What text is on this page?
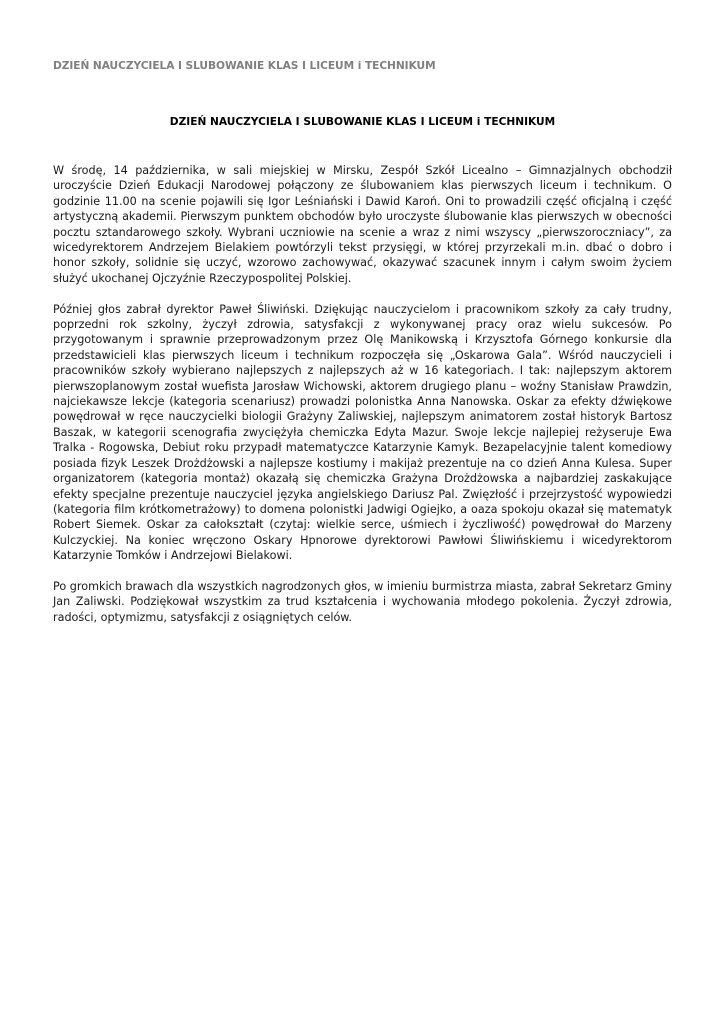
DZIEŃ NAUCZYCIELA I SLUBOWANIE KLAS I LICEUM i TECHNIKUM
DZIEŃ NAUCZYCIELA I SLUBOWANIE KLAS I LICEUM i TECHNIKUM

W środę, 14 października, w sali miejskiej w Mirsku, Zespół Szkół Licealno – Gimnazjalnych obchodził uroczyście Dzień Edukacji Narodowej połączony ze ślubowaniem klas pierwszych liceum i technikum. O godzinie 11.00 na scenie pojawili się Igor Leśniański i Dawid Karoń. Oni to prowadzili część oficjalną i część artystyczną akademii. Pierwszym punktem obchodów było uroczyste ślubowanie klas pierwszych w obecności pocztu sztandarowego szkoły. Wybrani uczniowie na scenie a wraz z nimi wszyscy „pierwszoroczniacy”, za wicedyrektorem Andrzejem Bielakiem powtórzyli tekst przysięgi, w której przyrzekali m.in. dbać o dobro i honor szkoły, solidnie się uczyć, wzorowo zachowywać, okazywać szacunek innym i całym swoim życiem służyć ukochanej Ojczyźnie Rzeczypospolitej Polskiej.

Później głos zabrał dyrektor Paweł Śliwiński. Dziękując nauczycielom i pracownikom szkoły za cały trudny, poprzedni rok szkolny, życzył zdrowia, satysfakcji z wykonywanej pracy oraz wielu sukcesów. Po przygotowanym i sprawnie przeprowadzonym przez Olę Manikowską i Krzysztofa Górnego konkursie dla przedstawicieli klas pierwszych liceum i technikum rozpoczęła się „Oskarowa Gala”. Wśród nauczycieli i pracowników szkoły wybierano najlepszych z najlepszych aż w 16 kategoriach. I tak: najlepszym aktorem pierwszoplanowym został wuefista Jarosław Wichowski, aktorem drugiego planu – woźny Stanisław Prawdzin, najciekawsze lekcje (kategoria scenariusz) prowadzi polonistka Anna Nanowska. Oskar za efekty dźwiękowe powędrował w ręce nauczycielki biologii Grażyny Zaliwskiej, najlepszym animatorem został historyk Bartosz Baszak, w kategorii scenografia zwyciężyła chemiczka Edyta Mazur. Swoje lekcje najlepiej reżyseruje Ewa Tralka - Rogowska, Debiut roku przypadł matematyczce Katarzynie Kamyk. Bezapelacyjnie talent komediowy posiada fizyk Leszek Drożdżowski a najlepsze kostiumy i makijaż prezentuje na co dzień Anna Kulesa. Super organizatorem (kategoria montaż) okazałą się chemiczka Grażyna Drożdżowska a najbardziej zaskakujące efekty specjalne prezentuje nauczyciel języka angielskiego Dariusz Pal. Zwięzłość i przejrzystość wypowiedzi (kategoria film krótkometrażowy) to domena polonistki Jadwigi Ogiejko, a oaza spokoju okazał się matematyk Robert Siemek. Oskar za całokształt (czytaj: wielkie serce, uśmiech i życzliwość) powędrował do Marzeny Kulczyckiej. Na koniec wręczono Oskary Hpnorowe dyrektorowi Pawłowi Śliwińskiemu i wicedyrektorom Katarzynie Tomków i Andrzejowi Bielakowi.

Po gromkich brawach dla wszystkich nagrodzonych głos, w imieniu burmistrza miasta, zabrał Sekretarz Gminy Jan Zaliwski. Podziękował wszystkim za trud kształcenia i wychowania młodego pokolenia. Życzył zdrowia, radości, optymizmu, satysfakcji z osiągniętych celów.
